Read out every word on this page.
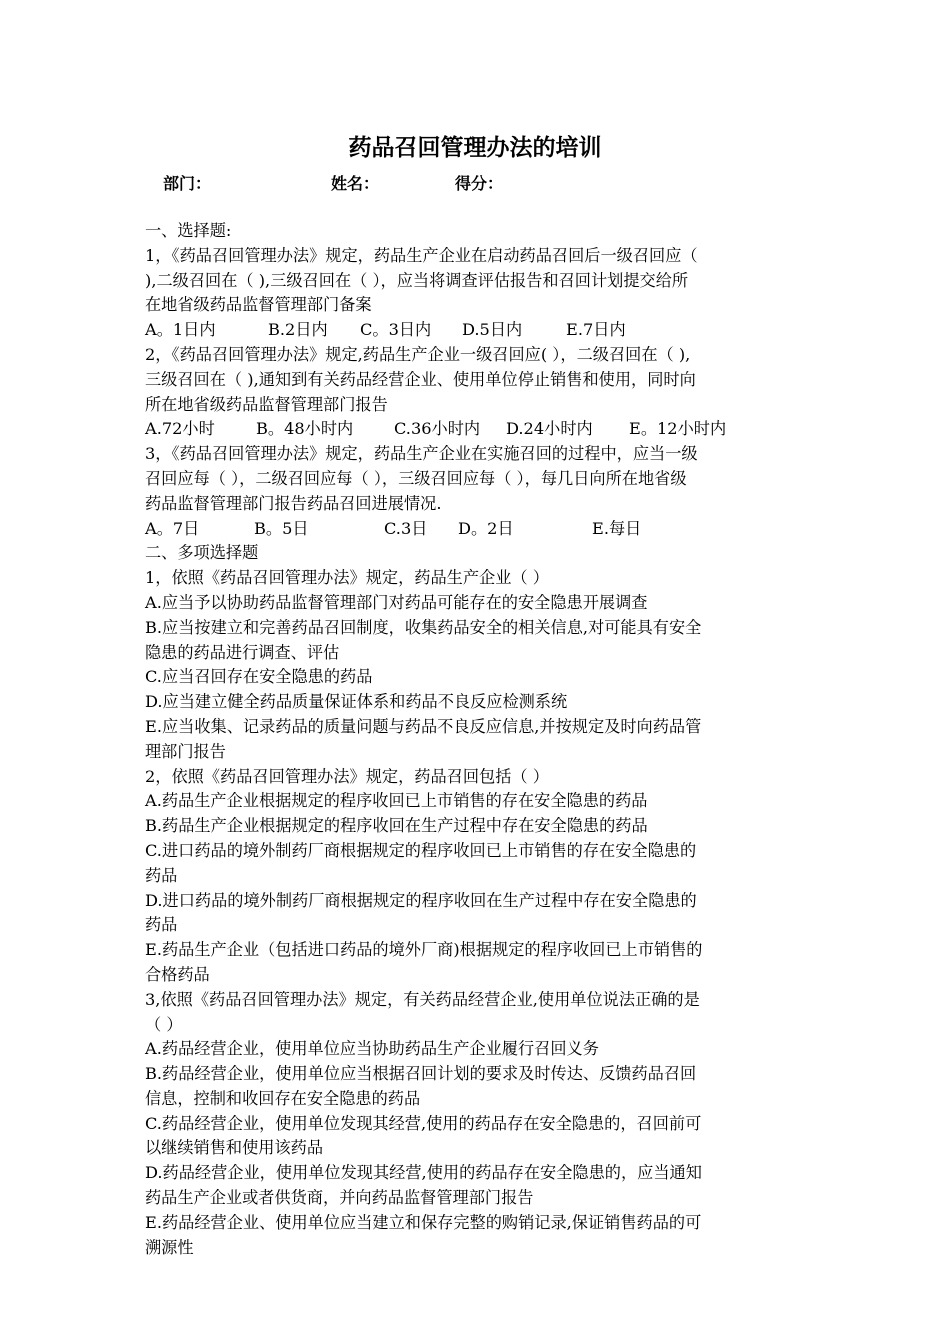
药品召回管理办法的培训
部门：	姓名：	得分：
一、选择题:
1，《药品召回管理办法》规定，药品生产企业在启动药品召回后一级召回应（
),二级召回在（ ),三级召回在（ ），应当将调查评估报告和召回计划提交给所
在地省级药品监督管理部门备案
A。1日内	B.2日内 C。3日内 D.5日内	E.7日内
2，《药品召回管理办法》规定,药品生产企业一级召回应( ），二级召回在（ ),
三级召回在（ ),通知到有关药品经营企业、使用单位停止销售和使用，同时向
所在地省级药品监督管理部门报告
A.72小时	B。48小时内	C.36小时内 D.24小时内 E。12小时内
3，《药品召回管理办法》规定，药品生产企业在实施召回的过程中，应当一级
召回应每（ ），二级召回应每（ ），三级召回应每（ ），每几日向所在地省级
药品监督管理部门报告药品召回进展情况.
A。7日	B。5日	C.3日 D。2日	E.每日
二、多项选择题
1，依照《药品召回管理办法》规定，药品生产企业（ ）
A.应当予以协助药品监督管理部门对药品可能存在的安全隐患开展调查
B.应当按建立和完善药品召回制度，收集药品安全的相关信息,对可能具有安全
隐患的药品进行调查、评估
C.应当召回存在安全隐患的药品
D.应当建立健全药品质量保证体系和药品不良反应检测系统
E.应当收集、记录药品的质量问题与药品不良反应信息,并按规定及时向药品管
理部门报告
2，依照《药品召回管理办法》规定，药品召回包括（ ）
A.药品生产企业根据规定的程序收回已上市销售的存在安全隐患的药品
B.药品生产企业根据规定的程序收回在生产过程中存在安全隐患的药品
C.进口药品的境外制药厂商根据规定的程序收回已上市销售的存在安全隐患的
药品
D.进口药品的境外制药厂商根据规定的程序收回在生产过程中存在安全隐患的
药品
E.药品生产企业（包括进口药品的境外厂商)根据规定的程序收回已上市销售的
合格药品
3,依照《药品召回管理办法》规定，有关药品经营企业,使用单位说法正确的是
（ ）
A.药品经营企业，使用单位应当协助药品生产企业履行召回义务
B.药品经营企业，使用单位应当根据召回计划的要求及时传达、反馈药品召回
信息，控制和收回存在安全隐患的药品
C.药品经营企业，使用单位发现其经营,使用的药品存在安全隐患的，召回前可
以继续销售和使用该药品
D.药品经营企业，使用单位发现其经营,使用的药品存在安全隐患的，应当通知
药品生产企业或者供货商，并向药品监督管理部门报告
E.药品经营企业、使用单位应当建立和保存完整的购销记录,保证销售药品的可
溯源性
